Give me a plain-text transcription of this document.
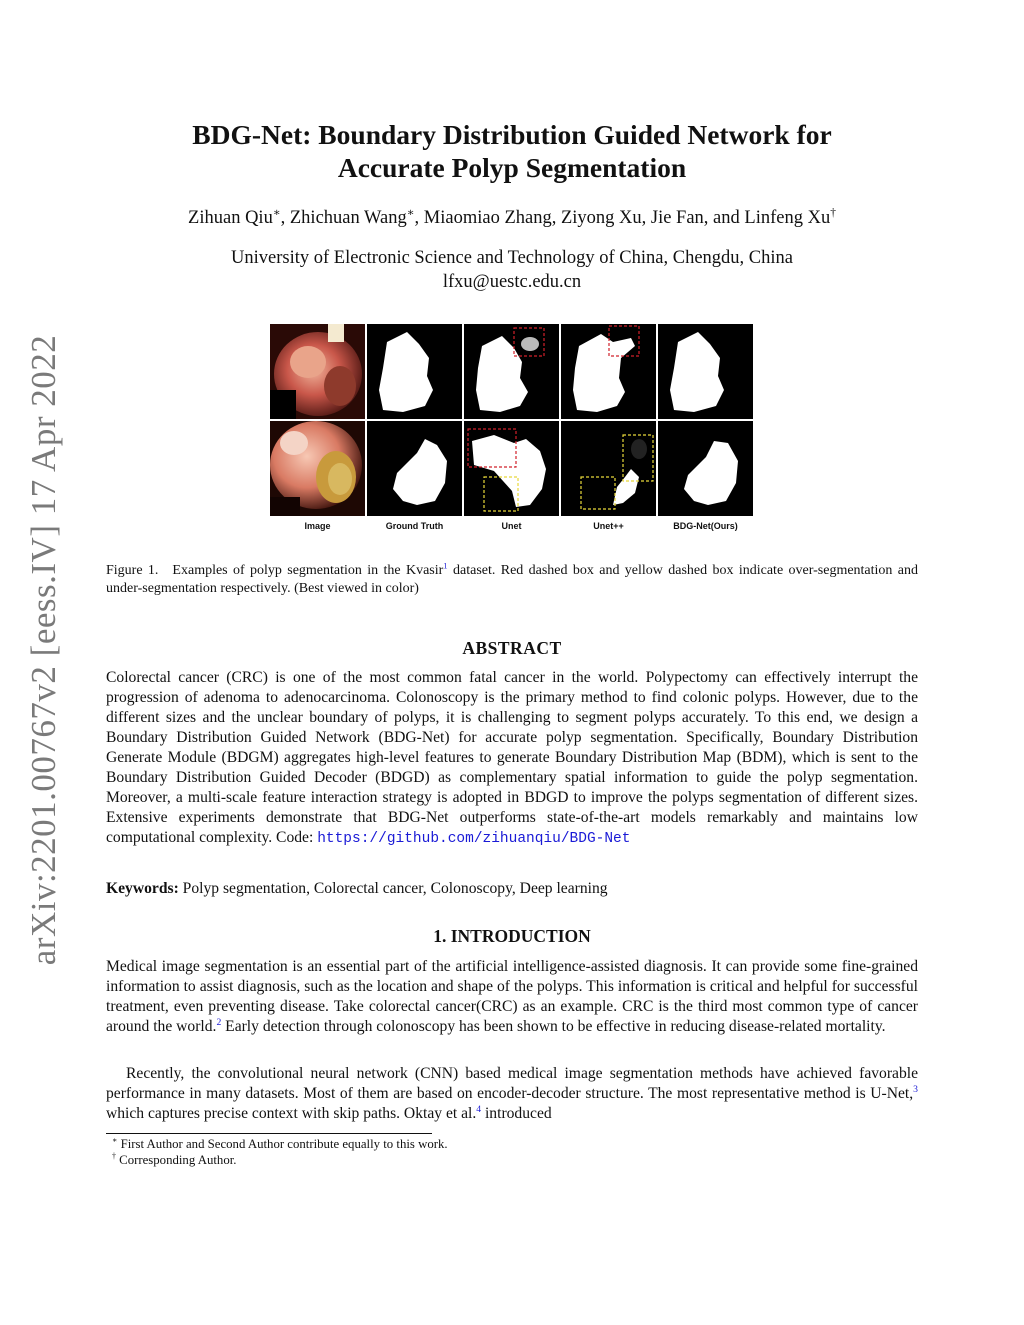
arXiv:2201.00767v2 [eess.IV] 17 Apr 2022
BDG-Net: Boundary Distribution Guided Network for
Accurate Polyp Segmentation
Zihuan Qiu∗, Zhichuan Wang∗, Miaomiao Zhang, Ziyong Xu, Jie Fan, and Linfeng Xu†
University of Electronic Science and Technology of China, Chengdu, China
lfxu@uestc.edu.cn
Image	Ground Truth	Unet	Unet++	BDG-Net(Ours)
Figure 1. Examples of polyp segmentation in the Kvasir$^1$ dataset. Red dashed box and yellow dashed box indicate over-segmentation and under-segmentation respectively. (Best viewed in color)
ABSTRACT
Colorectal cancer (CRC) is one of the most common fatal cancer in the world. Polypectomy can effectively interrupt the progression of adenoma to adenocarcinoma. Colonoscopy is the primary method to find colonic polyps. However, due to the different sizes and the unclear boundary of polyps, it is challenging to segment polyps accurately. To this end, we design a Boundary Distribution Guided Network (BDG-Net) for accurate polyp segmentation. Specifically, Boundary Distribution Generate Module (BDGM) aggregates high-level features to generate Boundary Distribution Map (BDM), which is sent to the Boundary Distribution Guided Decoder (BDGD) as complementary spatial information to guide the polyp segmentation. Moreover, a multi-scale feature interaction strategy is adopted in BDGD to improve the polyps segmentation of different sizes. Extensive experiments demonstrate that BDG-Net outperforms state-of-the-art models remarkably and maintains low computational complexity. Code: https://github.com/zihuanqiu/BDG-Net
Keywords: Polyp segmentation, Colorectal cancer, Colonoscopy, Deep learning
1. INTRODUCTION
Medical image segmentation is an essential part of the artificial intelligence-assisted diagnosis. It can provide some fine-grained information to assist diagnosis, such as the location and shape of the polyps. This information is critical and helpful for successful treatment, even preventing disease. Take colorectal cancer(CRC) as an example. CRC is the third most common type of cancer around the world.$^2$ Early detection through colonoscopy has been shown to be effective in reducing disease-related mortality.
Recently, the convolutional neural network (CNN) based medical image segmentation methods have achieved favorable performance in many datasets. Most of them are based on encoder-decoder structure. The most representative method is U-Net,$^3$ which captures precise context with skip paths. Oktay et al.$^4$ introduced
∗ First Author and Second Author contribute equally to this work.
† Corresponding Author.
